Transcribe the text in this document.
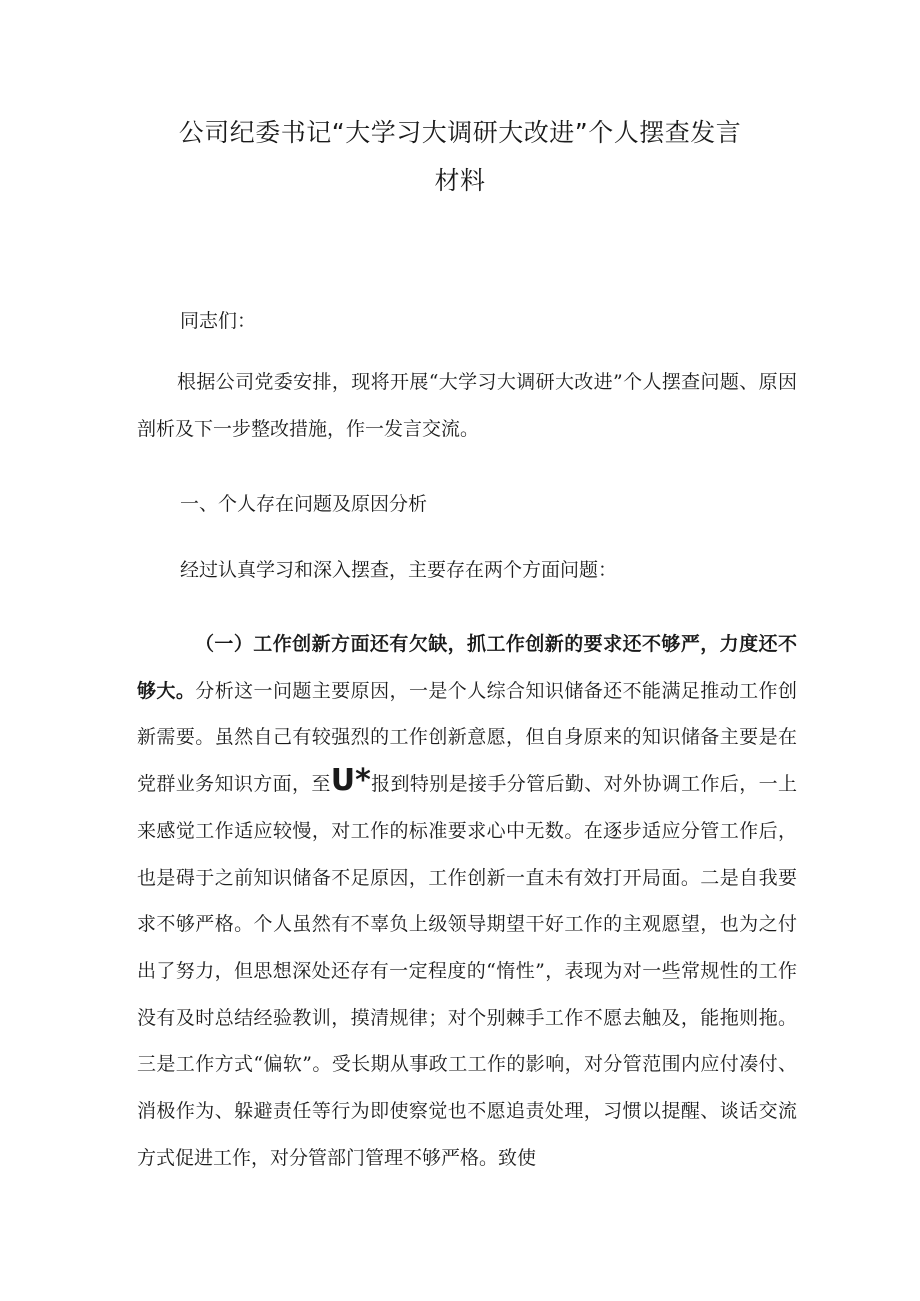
公司纪委书记“大学习大调研大改进”个人摆查发言
材料

同志们：

根据公司党委安排，现将开展“大学习大调研大改进”个人摆查问题、原因剖析及下一步整改措施，作一发言交流。

一、个人存在问题及原因分析

经过认真学习和深入摆查，主要存在两个方面问题：

（一）工作创新方面还有欠缺，抓工作创新的要求还不够严，力度还不够大。分析这一问题主要原因，一是个人综合知识储备还不能满足推动工作创新需要。虽然自己有较强烈的工作创新意愿，但自身原来的知识储备主要是在党群业务知识方面，至U*报到特别是接手分管后勤、对外协调工作后，一上来感觉工作适应较慢，对工作的标准要求心中无数。在逐步适应分管工作后，也是碍于之前知识储备不足原因，工作创新一直未有效打开局面。二是自我要求不够严格。个人虽然有不辜负上级领导期望干好工作的主观愿望，也为之付出了努力，但思想深处还存有一定程度的“惰性”，表现为对一些常规性的工作没有及时总结经验教训，摸清规律；对个别棘手工作不愿去触及，能拖则拖。三是工作方式“偏软”。受长期从事政工工作的影响，对分管范围内应付凑付、消极作为、躲避责任等行为即使察觉也不愿追责处理，习惯以提醒、谈话交流方式促进工作，对分管部门管理不够严格。致使
